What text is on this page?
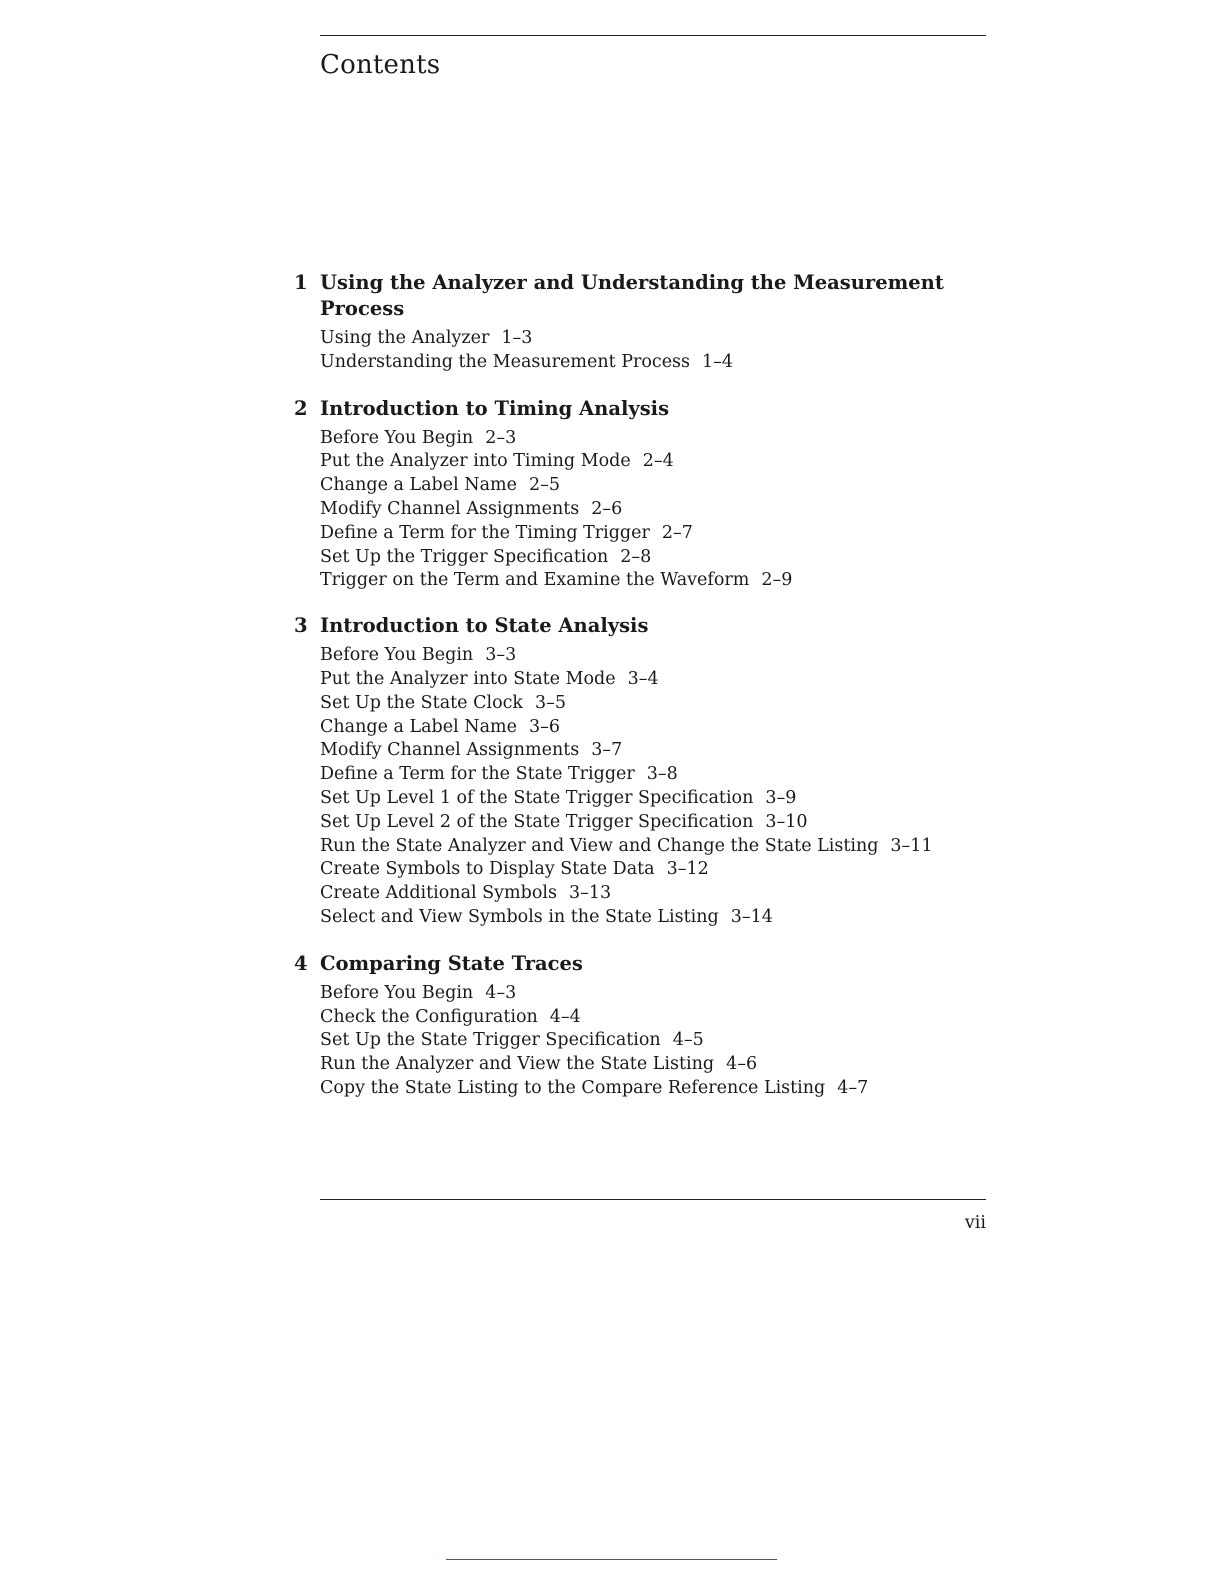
Contents
1 Using the Analyzer and Understanding the Measurement Process
Using the Analyzer 1–3
Understanding the Measurement Process 1–4
2 Introduction to Timing Analysis
Before You Begin 2–3
Put the Analyzer into Timing Mode 2–4
Change a Label Name 2–5
Modify Channel Assignments 2–6
Define a Term for the Timing Trigger 2–7
Set Up the Trigger Specification 2–8
Trigger on the Term and Examine the Waveform 2–9
3 Introduction to State Analysis
Before You Begin 3–3
Put the Analyzer into State Mode 3–4
Set Up the State Clock 3–5
Change a Label Name 3–6
Modify Channel Assignments 3–7
Define a Term for the State Trigger 3–8
Set Up Level 1 of the State Trigger Specification 3–9
Set Up Level 2 of the State Trigger Specification 3–10
Run the State Analyzer and View and Change the State Listing 3–11
Create Symbols to Display State Data 3–12
Create Additional Symbols 3–13
Select and View Symbols in the State Listing 3–14
4 Comparing State Traces
Before You Begin 4–3
Check the Configuration 4–4
Set Up the State Trigger Specification 4–5
Run the Analyzer and View the State Listing 4–6
Copy the State Listing to the Compare Reference Listing 4–7
vii
